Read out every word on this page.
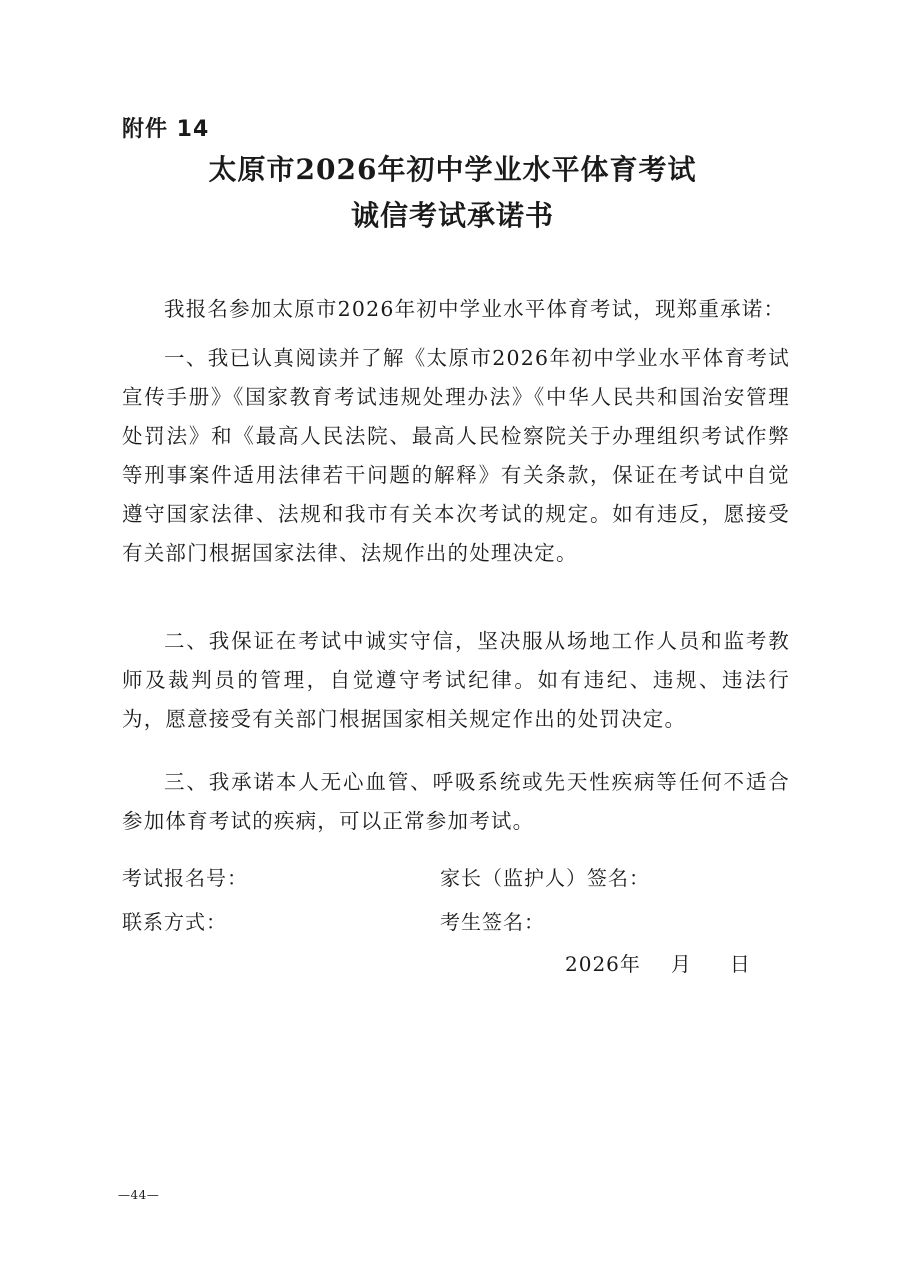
附件 14
太原市2026年初中学业水平体育考试
诚信考试承诺书

我报名参加太原市2026年初中学业水平体育考试，现郑重承诺：

一、我已认真阅读并了解《太原市2026年初中学业水平体育考试宣传手册》《国家教育考试违规处理办法》《中华人民共和国治安管理处罚法》和《最高人民法院、最高人民检察院关于办理组织考试作弊等刑事案件适用法律若干问题的解释》有关条款，保证在考试中自觉遵守国家法律、法规和我市有关本次考试的规定。如有违反，愿接受有关部门根据国家法律、法规作出的处理决定。

二、我保证在考试中诚实守信，坚决服从场地工作人员和监考教师及裁判员的管理，自觉遵守考试纪律。如有违纪、违规、违法行为，愿意接受有关部门根据国家相关规定作出的处罚决定。

三、我承诺本人无心血管、呼吸系统或先天性疾病等任何不适合参加体育考试的疾病，可以正常参加考试。

考试报名号：	家长（监护人）签名：
联系方式：	考生签名：
2026年 月 日
—44—
